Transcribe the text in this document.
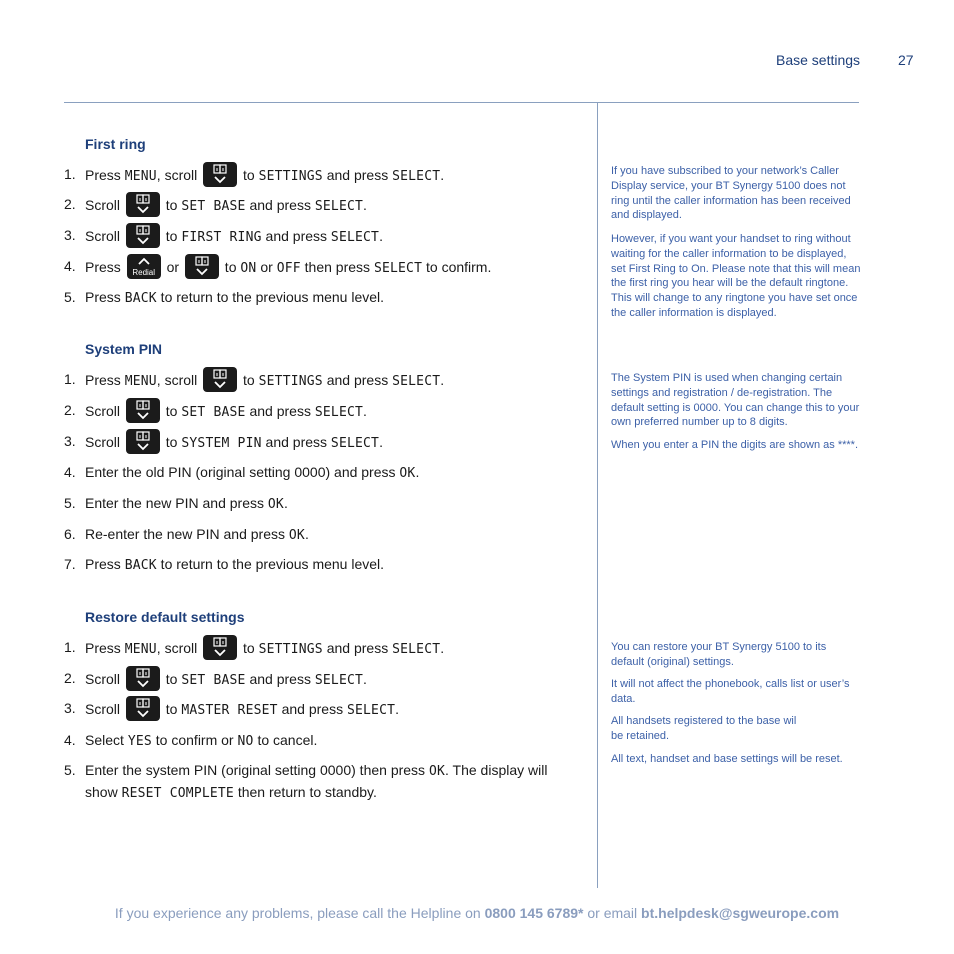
Base settings	27
First ring
1. Press MENU, scroll	to SETTINGS and press SELECT.
2. Scroll	to SET BASE and press SELECT.
3. Scroll	to FIRST RING and press SELECT.
4. Press Redial or	to ON or OFF then press SELECT to confirm.
5. Press BACK to return to the previous menu level.
If you have subscribed to your network’s Caller Display service, your BT Synergy 5100 does not ring until the caller information has been received and displayed.
However, if you want your handset to ring without waiting for the caller information to be displayed, set First Ring to On. Please note that this will mean the first ring you hear will be the default ringtone. This will change to any ringtone you have set once the caller information is displayed.
System PIN
1. Press MENU, scroll	to SETTINGS and press SELECT.
2. Scroll	to SET BASE and press SELECT.
3. Scroll	to SYSTEM PIN and press SELECT.
4. Enter the old PIN (original setting 0000) and press OK.
5. Enter the new PIN and press OK.
6. Re-enter the new PIN and press OK.
7. Press BACK to return to the previous menu level.
The System PIN is used when changing certain settings and registration / de-registration. The default setting is 0000. You can change this to your own preferred number up to 8 digits.
When you enter a PIN the digits are shown as ****.
Restore default settings
1. Press MENU, scroll	to SETTINGS and press SELECT.
2. Scroll	to SET BASE and press SELECT.
3. Scroll	to MASTER RESET and press SELECT.
4. Select YES to confirm or NO to cancel.
5. Enter the system PIN (original setting 0000) then press OK. The display will show RESET COMPLETE then return to standby.
You can restore your BT Synergy 5100 to its default (original) settings.
It will not affect the phonebook, calls list or user’s data.
All handsets registered to the base wil be retained.
All text, handset and base settings will be reset.
If you experience any problems, please call the Helpline on 0800 145 6789* or email bt.helpdesk@sgweurope.com
